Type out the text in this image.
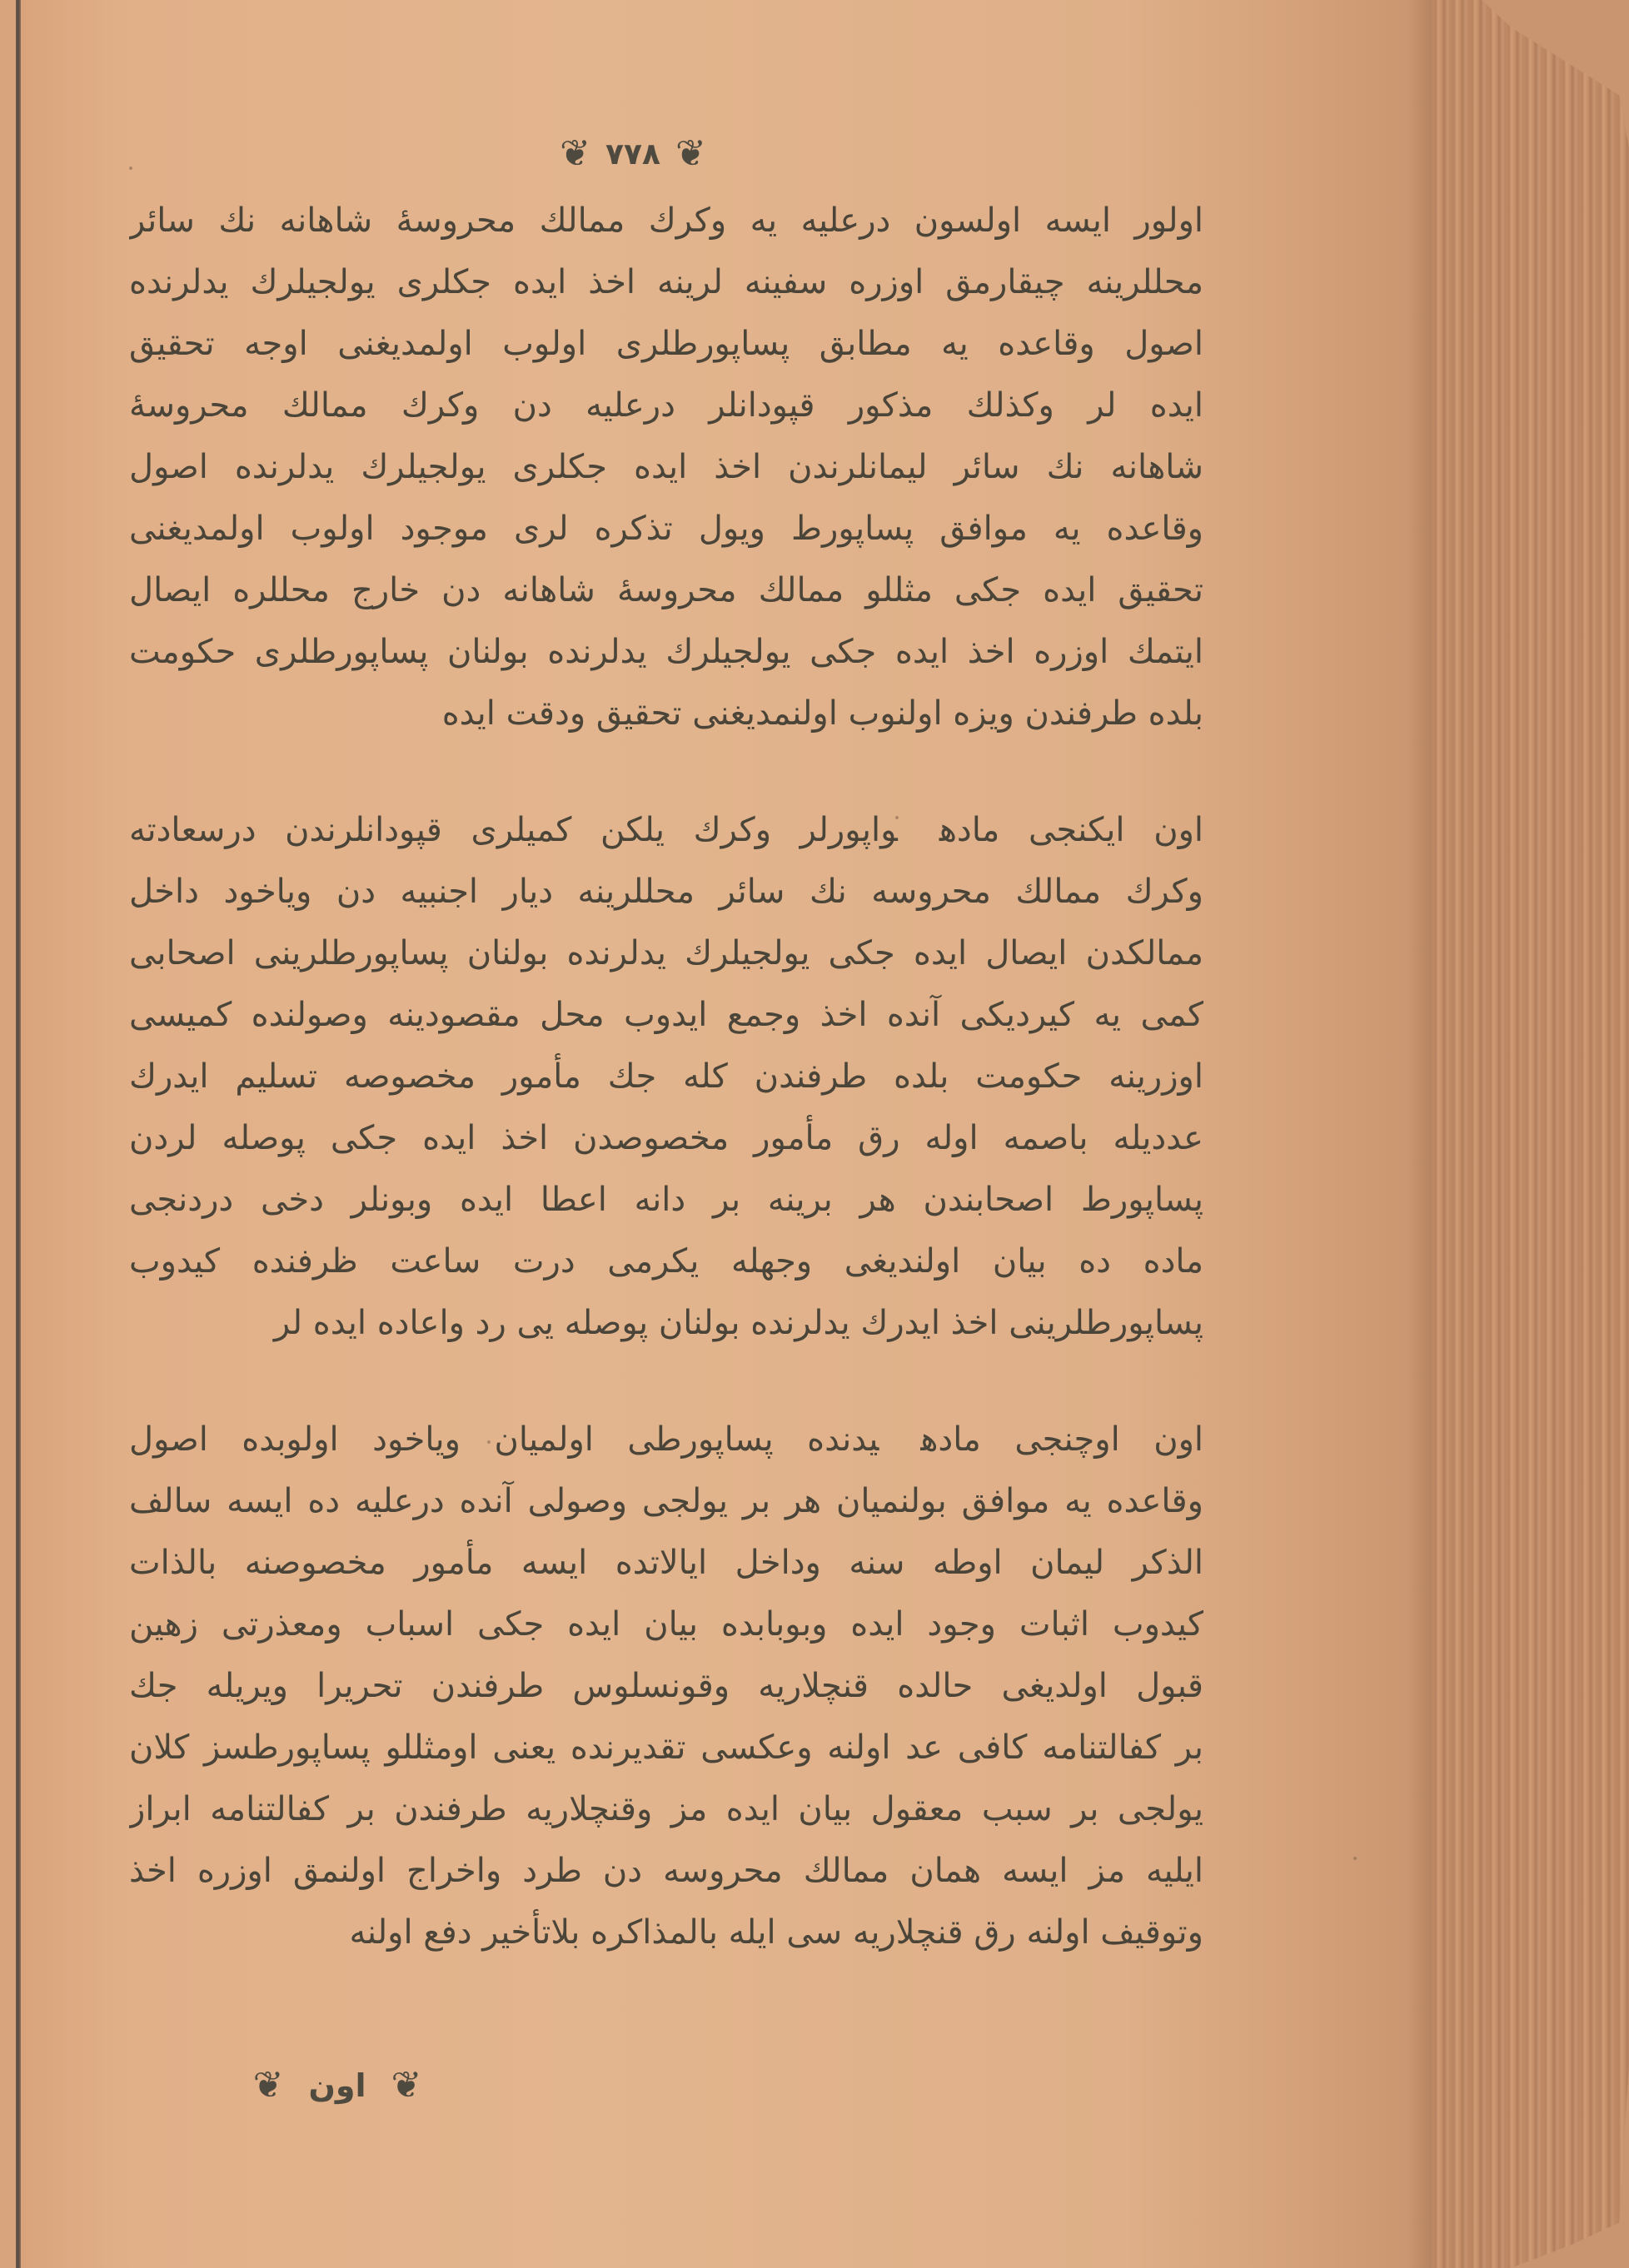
❦ ٧٧٨ ❦
اولور ایسه اولسون درعلیه یه وکرك ممالك محروسهٔ شاهانه نك سائر
محللرینه چیقارمق اوزره سفینه لرینه اخذ ایده جكلری یولجیلرك یدلرنده
اصول وقاعده یه مطابق پساپورطلری اولوب اولمدیغنی اوجه تحقیق
ایده لر وكذلك مذكور قپودانلر درعلیه دن وكرك ممالك محروسهٔ
شاهانه نك سائر لیمانلرندن اخذ ایده جكلری یولجیلرك یدلرنده اصول
وقاعده یه موافق پساپورط ویول تذكره لری موجود اولوب اولمدیغنی
تحقیق ایده جكی مثللو ممالك محروسهٔ شاهانه دن خارج محللره ایصال
ایتمك اوزره اخذ ایده جكی یولجیلرك یدلرنده بولنان پساپورطلری حكومت
بلده طرفندن ویزه اولنوب اولنمدیغنی تحقیق ودقت ایده
اون ایكنجی مادهواپورلر وكرك یلكن كمیلری قپودانلرندن درسعادته
وكرك ممالك محروسه نك سائر محللرینه دیار اجنبیه دن ویاخود داخل
ممالكدن ایصال ایده جكی یولجیلرك یدلرنده بولنان پساپورطلرینی اصحابی
كمی یه كیردیكی آنده اخذ وجمع ایدوب محل مقصودینه وصولنده كمیسی
اوزرینه حكومت بلده طرفندن كله جك مأمور مخصوصه تسلیم ایدرك
عددیله باصمه اوله رق مأمور مخصوصدن اخذ ایده جكی پوصله لردن
پساپورط اصحابندن هر برینه بر دانه اعطا ایده وبونلر دخی دردنجی
ماده ده بیان اولندیغی وجهله یكرمی درت ساعت ظرفنده كیدوب
پساپورطلرینی اخذ ایدرك یدلرنده بولنان پوصله یی رد واعاده ایده لر
اون اوچنجی مادهیدنده پساپورطی اولمیان ویاخود اولوبده اصول
وقاعده یه موافق بولنمیان هر بر یولجی وصولی آنده درعلیه ده ایسه سالف
الذكر لیمان اوطه سنه وداخل ایالاتده ایسه مأمور مخصوصنه بالذات
كیدوب اثبات وجود ایده وبوبابده بیان ایده جكی اسباب ومعذرتی زهین
قبول اولدیغی حالده قنچلاریه وقونسلوس طرفندن تحریرا ویریله جك
بر كفالتنامه كافی عد اولنه وعكسی تقدیرنده یعنی اومثللو پساپورطسز كلان
یولجی بر سبب معقول بیان ایده مز وقنچلاریه طرفندن بر كفالتنامه ابراز
ایلیه مز ایسه همان ممالك محروسه دن طرد واخراج اولنمق اوزره اخذ
وتوقیف اولنه رق قنچلاریه سی ایله بالمذاكره بلاتأخیر دفع اولنه
❦
اون
❦
